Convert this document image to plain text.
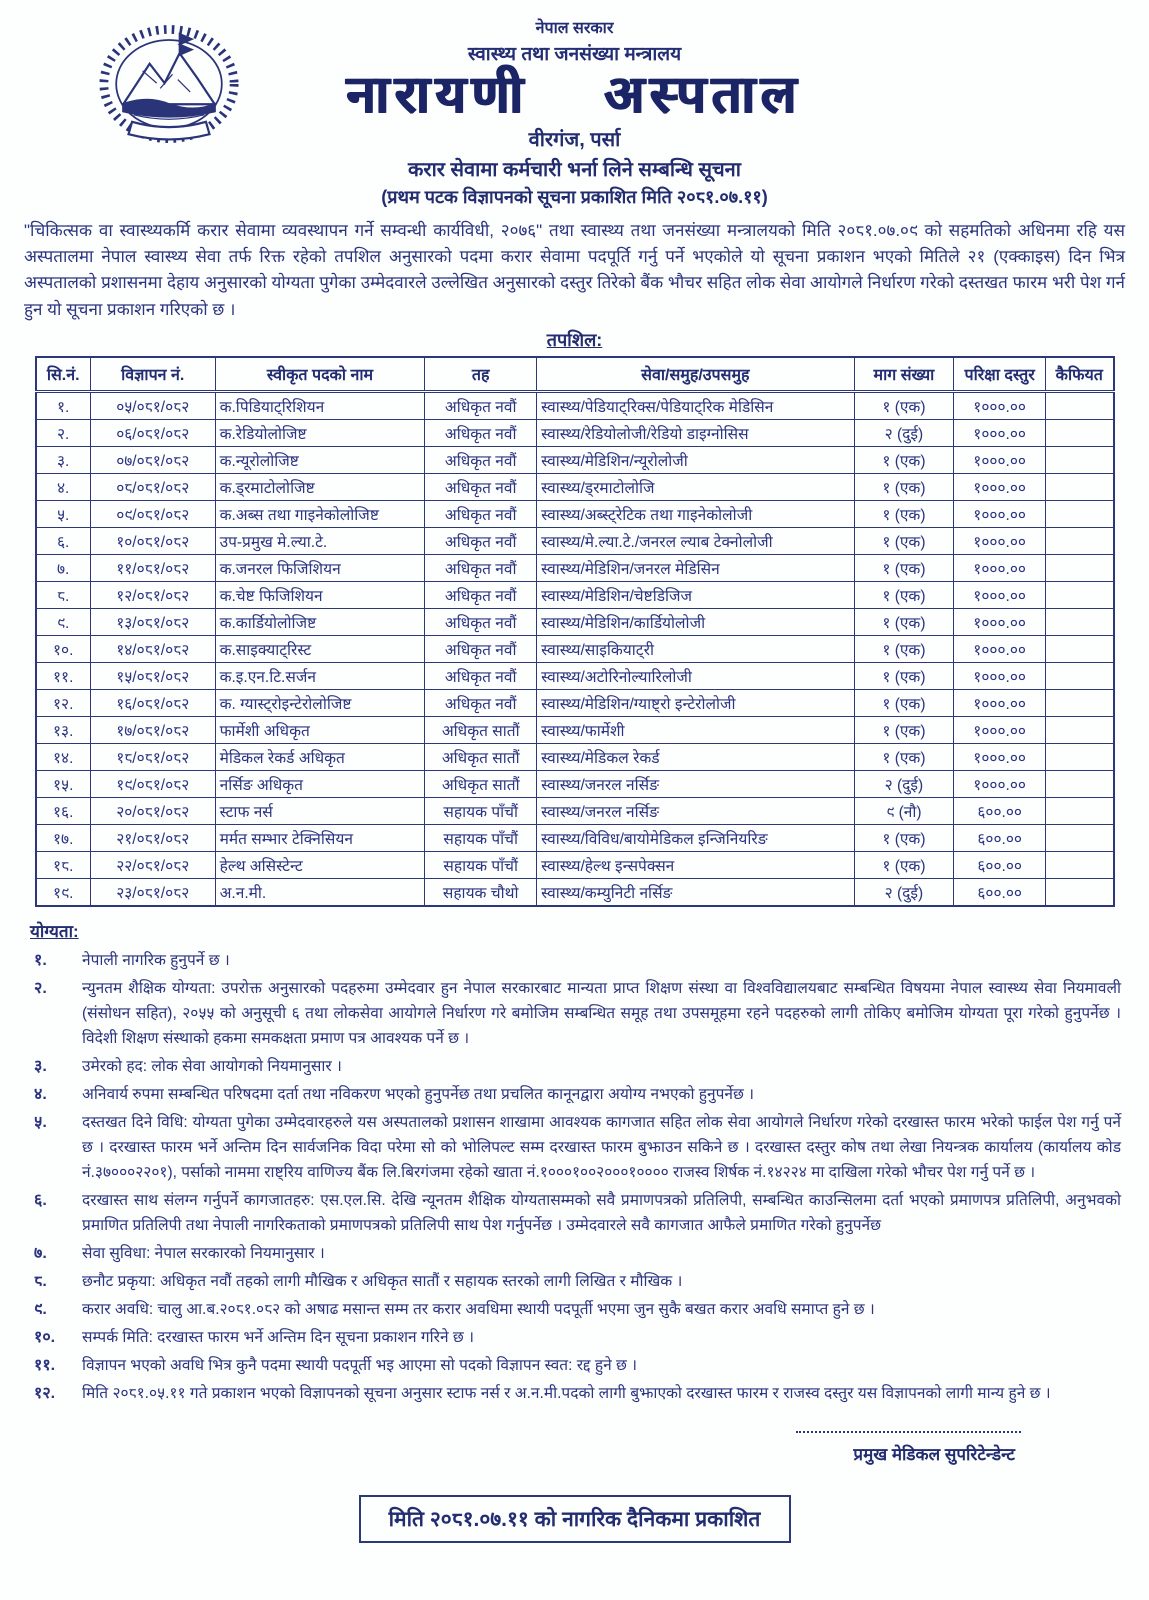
नेपाल सरकार
स्वास्थ्य तथा जनसंख्या मन्त्रालय
नारायणी अस्पताल
वीरगंज, पर्सा
करार सेवामा कर्मचारी भर्ना लिने सम्बन्धि सूचना
(प्रथम पटक विज्ञापनको सूचना प्रकाशित मिति २०८१.०७.११)
"चिकित्सक वा स्वास्थ्यकर्मि करार सेवामा व्यवस्थापन गर्ने सम्वन्धी कार्यविधी, २०७६" तथा स्वास्थ्य तथा जनसंख्या मन्त्रालयको मिति २०८१.०७.०९ को सहमतिको अधिनमा रहि यस अस्पतालमा नेपाल स्वास्थ्य सेवा तर्फ रिक्त रहेको तपशिल अनुसारको पदमा करार सेवामा पदपूर्ति गर्नु पर्ने भएकोले यो सूचना प्रकाशन भएको मितिले २१ (एक्काइस) दिन भित्र अस्पतालको प्रशासनमा देहाय अनुसारको योग्यता पुगेका उम्मेदवारले उल्लेखित अनुसारको दस्तुर तिरेको बैंक भौचर सहित लोक सेवा आयोगले निर्धारण गरेको दस्तखत फारम भरी पेश गर्न हुन यो सूचना प्रकाशन गरिएको छ ।
तपशिल:
सि.नं.	विज्ञापन नं.	स्वीकृत पदको नाम	तह	सेवा/समुह/उपसमुह	माग संख्या	परिक्षा दस्तुर	कैफियत
१.	०५/०८१/०८२	क.पिडियाट्रिशियन	अधिकृत नवौं	स्वास्थ्य/पेडियाट्रिक्स/पेडियाट्रिक मेडिसिन	१ (एक)	१०००.००	
२.	०६/०८१/०८२	क.रेडियोलोजिष्ट	अधिकृत नवौं	स्वास्थ्य/रेडियोलोजी/रेडियो डाइग्नोसिस	२ (दुई)	१०००.००	
३.	०७/०८१/०८२	क.न्यूरोलोजिष्ट	अधिकृत नवौं	स्वास्थ्य/मेडिशिन/न्यूरोलोजी	१ (एक)	१०००.००	
४.	०८/०८१/०८२	क.ड्रमाटोलोजिष्ट	अधिकृत नवौं	स्वास्थ्य/ड्रमाटोलोजि	१ (एक)	१०००.००	
५.	०९/०८१/०८२	क.अब्स तथा गाइनेकोलोजिष्ट	अधिकृत नवौं	स्वास्थ्य/अब्स्ट्रेटिक तथा गाइनेकोलोजी	१ (एक)	१०००.००	
६.	१०/०८१/०८२	उप-प्रमुख मे.ल्या.टे.	अधिकृत नवौं	स्वास्थ्य/मे.ल्या.टे./जनरल ल्याब टेक्नोलोजी	१ (एक)	१०००.००	
७.	११/०८१/०८२	क.जनरल फिजिशियन	अधिकृत नवौं	स्वास्थ्य/मेडिशिन/जनरल मेडिसिन	१ (एक)	१०००.००	
८.	१२/०८१/०८२	क.चेष्ट फिजिशियन	अधिकृत नवौं	स्वास्थ्य/मेडिशिन/चेष्टडिजिज	१ (एक)	१०००.००	
९.	१३/०८१/०८२	क.कार्डियोलोजिष्ट	अधिकृत नवौं	स्वास्थ्य/मेडिशिन/कार्डियोलोजी	१ (एक)	१०००.००	
१०.	१४/०८१/०८२	क.साइक्याट्रिस्ट	अधिकृत नवौं	स्वास्थ्य/साइकियाट्री	१ (एक)	१०००.००	
११.	१५/०८१/०८२	क.इ.एन.टि.सर्जन	अधिकृत नवौं	स्वास्थ्य/अटोरिनोल्यारिलोजी	१ (एक)	१०००.००	
१२.	१६/०८१/०८२	क. ग्यास्ट्रोइन्टेरोलोजिष्ट	अधिकृत नवौं	स्वास्थ्य/मेडिशिन/ग्याष्ट्रो इन्टेरोलोजी	१ (एक)	१०००.००	
१३.	१७/०८१/०८२	फार्मेशी अधिकृत	अधिकृत सातौं	स्वास्थ्य/फार्मेशी	१ (एक)	१०००.००	
१४.	१८/०८१/०८२	मेडिकल रेकर्ड अधिकृत	अधिकृत सातौं	स्वास्थ्य/मेडिकल रेकर्ड	१ (एक)	१०००.००	
१५.	१९/०८१/०८२	नर्सिङ अधिकृत	अधिकृत सातौं	स्वास्थ्य/जनरल नर्सिङ	२ (दुई)	१०००.००	
१६.	२०/०८१/०८२	स्टाफ नर्स	सहायक पाँचौं	स्वास्थ्य/जनरल नर्सिङ	९ (नौ)	६००.००	
१७.	२१/०८१/०८२	मर्मत सम्भार टेक्निसियन	सहायक पाँचौं	स्वास्थ्य/विविध/बायोमेडिकल इन्जिनियरिङ	१ (एक)	६००.००	
१८.	२२/०८१/०८२	हेल्थ असिस्टेन्ट	सहायक पाँचौं	स्वास्थ्य/हेल्थ इन्सपेक्सन	१ (एक)	६००.००	
१९.	२३/०८१/०८२	अ.न.मी.	सहायक चौथो	स्वास्थ्य/कम्युनिटी नर्सिङ	२ (दुई)	६००.००	
योग्यता:
१.	नेपाली नागरिक हुनुपर्ने छ ।
२.	न्युनतम शैक्षिक योग्यता: उपरोक्त अनुसारको पदहरुमा उम्मेदवार हुन नेपाल सरकारबाट मान्यता प्राप्त शिक्षण संस्था वा विश्वविद्यालयबाट सम्बन्धित विषयमा नेपाल स्वास्थ्य सेवा नियमावली (संसोधन सहित), २०५५ को अनुसूची ६ तथा लोकसेवा आयोगले निर्धारण गरे बमोजिम सम्बन्धित समूह तथा उपसमूहमा रहने पदहरुको लागी तोकिए बमोजिम योग्यता पूरा गरेको हुनुपर्नेछ । विदेशी शिक्षण संस्थाको हकमा समकक्षता प्रमाण पत्र आवश्यक पर्ने छ ।
३.	उमेरको हद: लोक सेवा आयोगको नियमानुसार ।
४.	अनिवार्य रुपमा सम्बन्धित परिषदमा दर्ता तथा नविकरण भएको हुनुपर्नेछ तथा प्रचलित कानूनद्वारा अयोग्य नभएको हुनुपर्नेछ ।
५.	दस्तखत दिने विधि: योग्यता पुगेका उम्मेदवारहरुले यस अस्पतालको प्रशासन शाखामा आवश्यक कागजात सहित लोक सेवा आयोगले निर्धारण गरेको दरखास्त फारम भरेको फाईल पेश गर्नु पर्ने छ । दरखास्त फारम भर्ने अन्तिम दिन सार्वजनिक विदा परेमा सो को भोलिपल्ट सम्म दरखास्त फारम बुझाउन सकिने छ । दरखास्त दस्तुर कोष तथा लेखा नियन्त्रक कार्यालय (कार्यालय कोड नं.३७०००२२०१), पर्साको नाममा राष्ट्रिय वाणिज्य बैंक लि.बिरगंजमा रहेको खाता नं.१०००१००२०००१०००० राजस्व शिर्षक नं.१४२२४ मा दाखिला गरेको भौचर पेश गर्नु पर्ने छ ।
६.	दरखास्त साथ संलग्न गर्नुपर्ने कागजातहरु: एस.एल.सि. देखि न्यूनतम शैक्षिक योग्यतासम्मको सवै प्रमाणपत्रको प्रतिलिपी, सम्बन्धित काउन्सिलमा दर्ता भएको प्रमाणपत्र प्रतिलिपी, अनुभवको प्रमाणित प्रतिलिपी तथा नेपाली नागरिकताको प्रमाणपत्रको प्रतिलिपी साथ पेश गर्नुपर्नेछ । उम्मेदवारले सवै कागजात आफैले प्रमाणित गरेको हुनुपर्नेछ
७.	सेवा सुविधा: नेपाल सरकारको नियमानुसार ।
८.	छनौट प्रकृया: अधिकृत नवौं तहको लागी मौखिक र अधिकृत सातौं र सहायक स्तरको लागी लिखित र मौखिक ।
९.	करार अवधि: चालु आ.ब.२०८१.०८२ को अषाढ मसान्त सम्म तर करार अवधिमा स्थायी पदपूर्ती भएमा जुन सुकै बखत करार अवधि समाप्त हुने छ ।
१०.	सम्पर्क मिति: दरखास्त फारम भर्ने अन्तिम दिन सूचना प्रकाशन गरिने छ ।
११.	विज्ञापन भएको अवधि भित्र कुनै पदमा स्थायी पदपूर्ती भइ आएमा सो पदको विज्ञापन स्वत: रद्द हुने छ ।
१२.	मिति २०८१.०५.११ गते प्रकाशन भएको विज्ञापनको सूचना अनुसार स्टाफ नर्स र अ.न.मी.पदको लागी बुझाएको दरखास्त फारम र राजस्व दस्तुर यस विज्ञापनको लागी मान्य हुने छ ।
प्रमुख मेडिकल सुपरिटेन्डेन्ट
मिति २०८१.०७.११ को नागरिक दैनिकमा प्रकाशित
